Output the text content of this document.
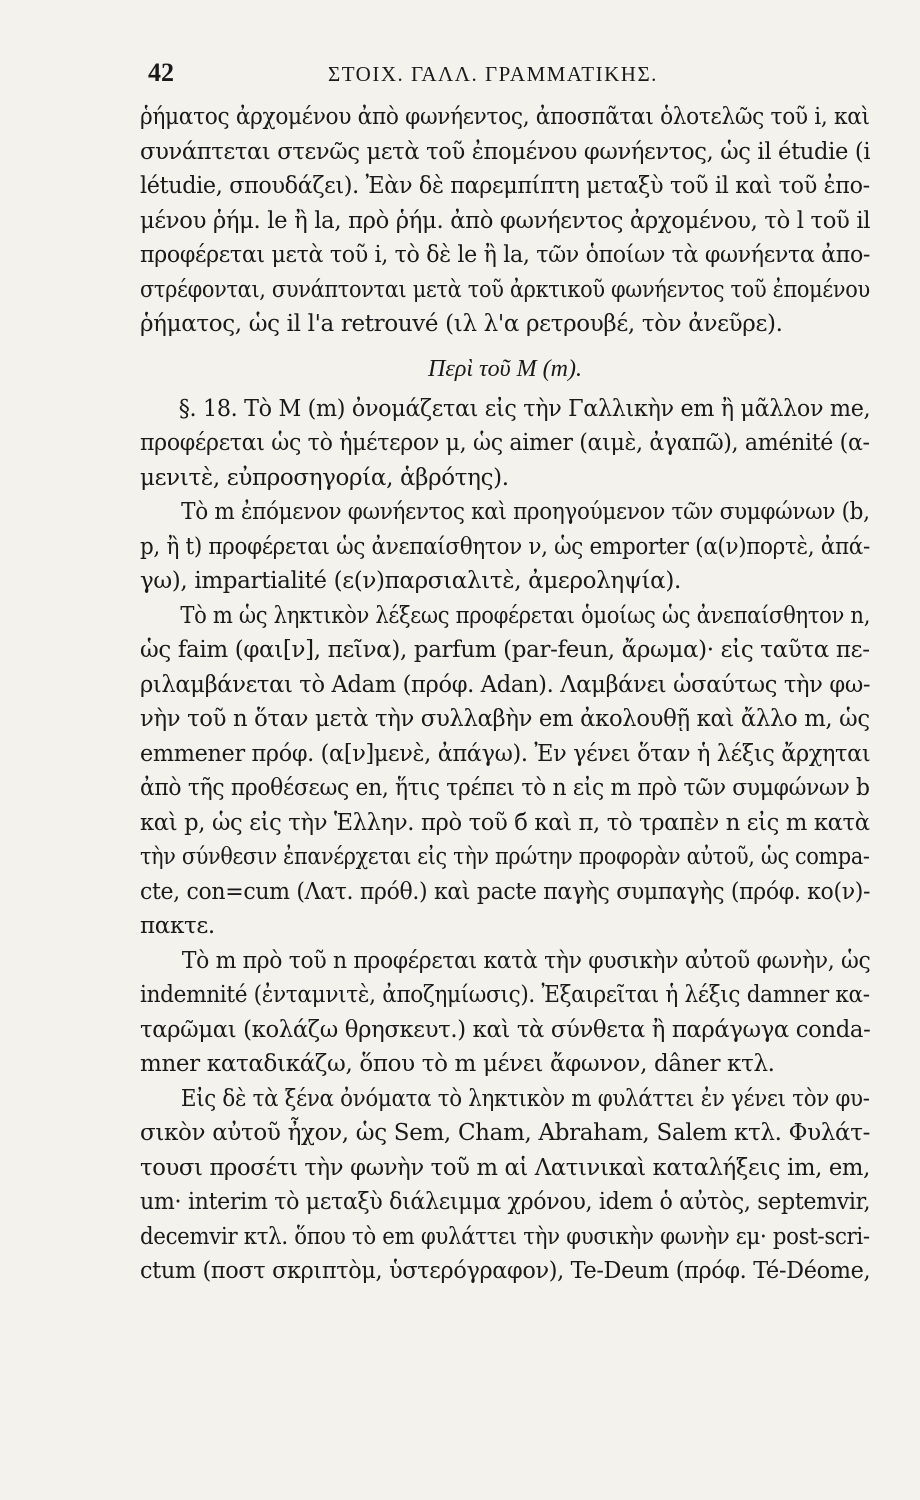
42	ΣΤΟΙΧ. ΓΑΛΛ. ΓΡΑΜΜΑΤΙΚΗΣ.
ῥήματος ἀρχομένου ἀπὸ φωνήεντος, ἀποσπᾶται ὁλοτελῶς τοῦ i, καὶ
συνάπτεται στενῶς μετὰ τοῦ ἐπομένου φωνήεντος, ὡς il étudie (i
létudie, σπουδάζει). Ἐὰν δὲ παρεμπίπτη μεταξὺ τοῦ il καὶ τοῦ ἐπο-
μένου ῥήμ. le ἢ la, πρὸ ῥήμ. ἀπὸ φωνήεντος ἀρχομένου, τὸ l τοῦ il
προφέρεται μετὰ τοῦ i, τὸ δὲ le ἢ la, τῶν ὁποίων τὰ φωνήεντα ἀπο-
στρέφονται, συνάπτονται μετὰ τοῦ ἀρκτικοῦ φωνήεντος τοῦ ἐπομένου
ῥήματος, ὡς il l'a retrouvé (ιλ λ'α ρετρουβέ, τὸν ἀνεῦρε).
Περὶ τοῦ M (m).
§. 18. Τὸ M (m) ὀνομάζεται εἰς τὴν Γαλλικὴν em ἢ μᾶλλον me,
προφέρεται ὡς τὸ ἡμέτερον μ, ὡς aimer (αιμὲ, ἀγαπῶ), aménité (α-
μενιτὲ, εὐπροσηγορία, ἁβρότης).
Τὸ m ἐπόμενον φωνήεντος καὶ προηγούμενον τῶν συμφώνων (b,
p, ἢ t) προφέρεται ὡς ἀνεπαίσθητον ν, ὡς emporter (α(ν)πορτὲ, ἀπά-
γω), impartialité (ε(ν)παρσιαλιτὲ, ἀμεροληψία).
Τὸ m ὡς ληκτικὸν λέξεως προφέρεται ὁμοίως ὡς ἀνεπαίσθητον n,
ὡς faim (φαι[ν], πεῖνα), parfum (par-feun, ἄρωμα)· εἰς ταῦτα πε-
ριλαμβάνεται τὸ Adam (πρόφ. Adan). Λαμβάνει ὡσαύτως τὴν φω-
νὴν τοῦ n ὅταν μετὰ τὴν συλλαβὴν em ἀκολουθῇ καὶ ἄλλο m, ὡς
emmener πρόφ. (α[ν]μενὲ, ἀπάγω). Ἐν γένει ὅταν ἡ λέξις ἄρχηται
ἀπὸ τῆς προθέσεως en, ἥτις τρέπει τὸ n εἰς m πρὸ τῶν συμφώνων b
καὶ p, ὡς εἰς τὴν Ἑλλην. πρὸ τοῦ б καὶ π, τὸ τραπὲν n εἰς m κατὰ
τὴν σύνθεσιν ἐπανέρχεται εἰς τὴν πρώτην προφορὰν αὐτοῦ, ὡς compa-
cte, con=cum (Λατ. πρόθ.) καὶ pacte παγὴς συμπαγὴς (πρόφ. κο(ν)-
πακτε.
Τὸ m πρὸ τοῦ n προφέρεται κατὰ τὴν φυσικὴν αὐτοῦ φωνὴν, ὡς
indemnité (ἐνταμνιτὲ, ἀποζημίωσις). Ἐξαιρεῖται ἡ λέξις damner κα-
ταρῶμαι (κολάζω θρησκευτ.) καὶ τὰ σύνθετα ἢ παράγωγα conda-
mner καταδικάζω, ὅπου τὸ m μένει ἄφωνον, dâner κτλ.
Εἰς δὲ τὰ ξένα ὀνόματα τὸ ληκτικὸν m φυλάττει ἐν γένει τὸν φυ-
σικὸν αὐτοῦ ἦχον, ὡς Sem, Cham, Abraham, Salem κτλ. Φυλάτ-
τουσι προσέτι τὴν φωνὴν τοῦ m αἱ Λατινικαὶ καταλήξεις im, em,
um· interim τὸ μεταξὺ διάλειμμα χρόνου, idem ὁ αὐτὸς, septemvir,
decemvir κτλ. ὅπου τὸ em φυλάττει τὴν φυσικὴν φωνὴν εμ· post-scri-
ctum (ποστ σκριπτὸμ, ὑστερόγραφον), Te-Deum (πρόφ. Té-Déome,
